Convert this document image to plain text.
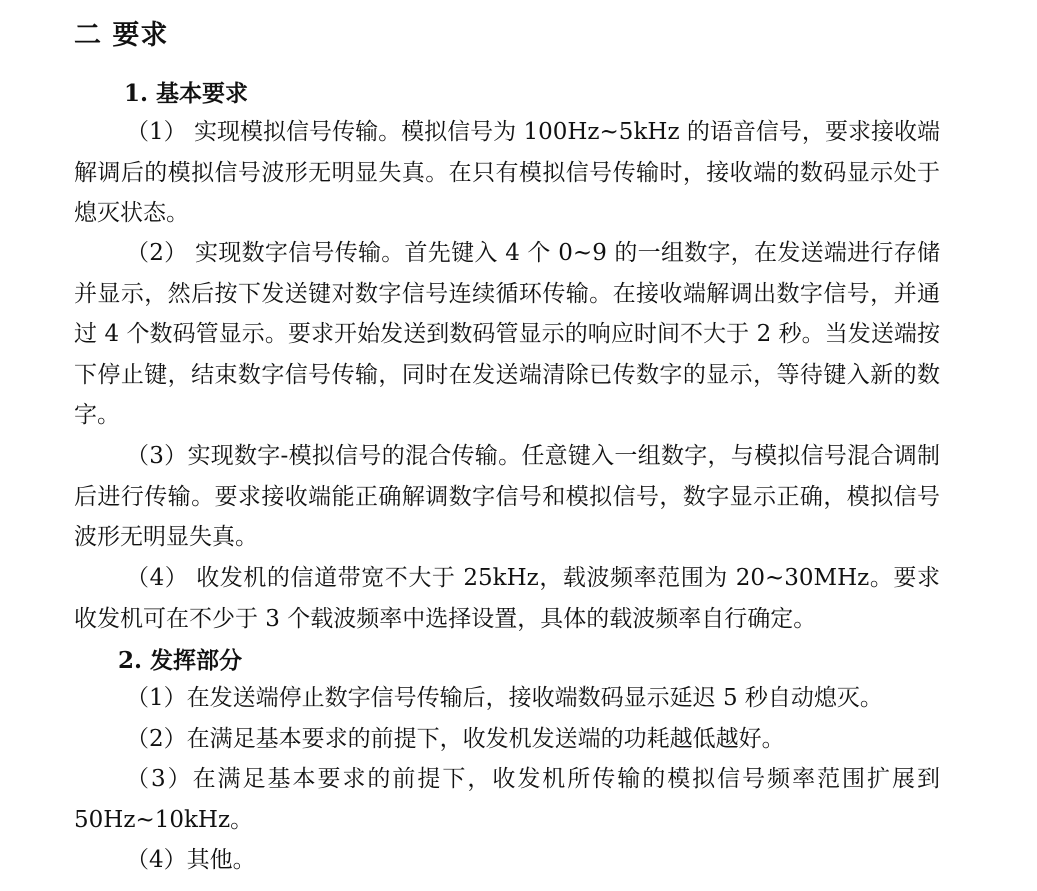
二 要求
1. 基本要求

（1） 实现模拟信号传输。模拟信号为 100Hz~5kHz 的语音信号，要求接收端解调后的模拟信号波形无明显失真。在只有模拟信号传输时，接收端的数码显示处于熄灭状态。

（2） 实现数字信号传输。首先键入 4 个 0~9 的一组数字，在发送端进行存储并显示，然后按下发送键对数字信号连续循环传输。在接收端解调出数字信号，并通过 4 个数码管显示。要求开始发送到数码管显示的响应时间不大于 2 秒。当发送端按下停止键，结束数字信号传输，同时在发送端清除已传数字的显示，等待键入新的数字。

（3）实现数字-模拟信号的混合传输。任意键入一组数字，与模拟信号混合调制后进行传输。要求接收端能正确解调数字信号和模拟信号，数字显示正确，模拟信号波形无明显失真。

（4） 收发机的信道带宽不大于 25kHz，载波频率范围为 20~30MHz。要求收发机可在不少于 3 个载波频率中选择设置，具体的载波频率自行确定。

2. 发挥部分

（1）在发送端停止数字信号传输后，接收端数码显示延迟 5 秒自动熄灭。

（2）在满足基本要求的前提下，收发机发送端的功耗越低越好。

（3）在满足基本要求的前提下，收发机所传输的模拟信号频率范围扩展到 50Hz~10kHz。

（4）其他。
